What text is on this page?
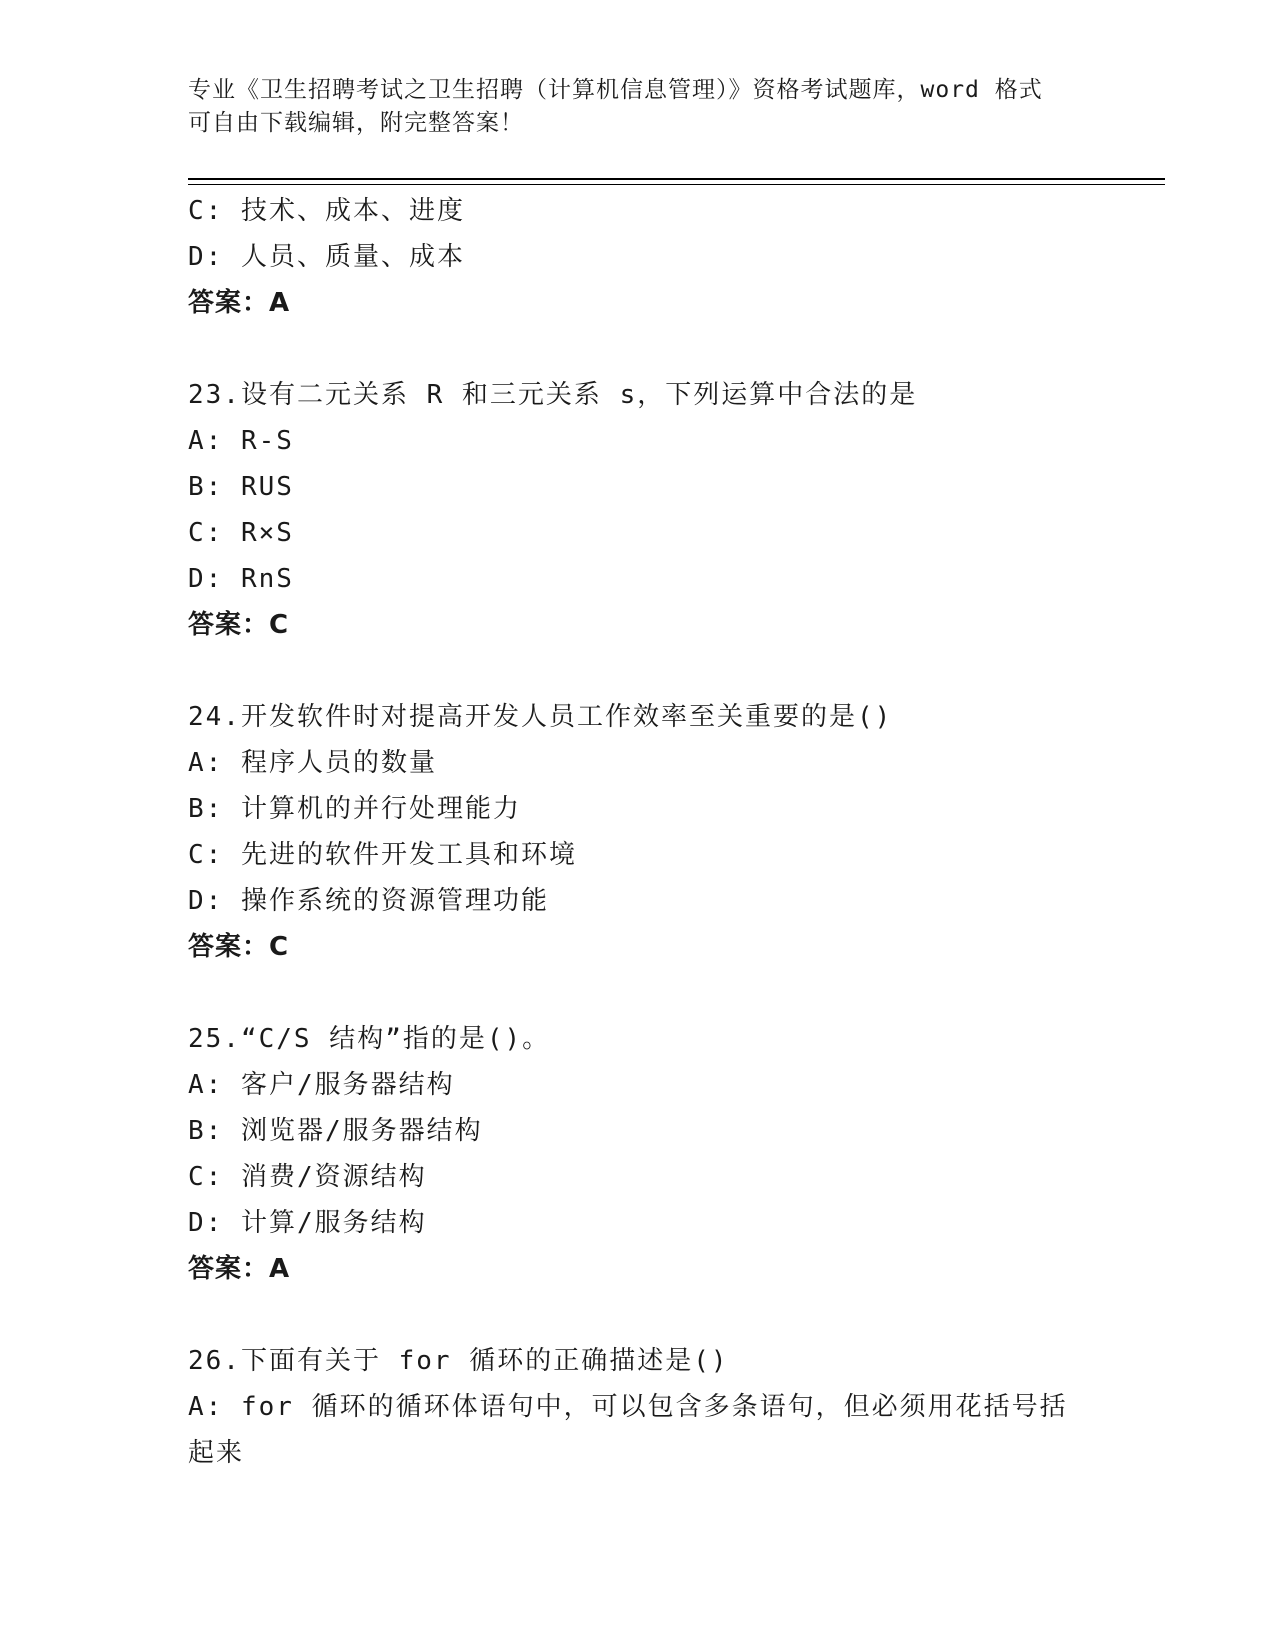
专业《卫生招聘考试之卫生招聘（计算机信息管理）》资格考试题库，word 格式
可自由下载编辑，附完整答案！
C: 技术、成本、进度
D: 人员、质量、成本
答案：A
23.设有二元关系 R 和三元关系 s，下列运算中合法的是
A: R-S
B: RUS
C: R×S
D: RnS
答案：C
24.开发软件时对提高开发人员工作效率至关重要的是()
A: 程序人员的数量
B: 计算机的并行处理能力
C: 先进的软件开发工具和环境
D: 操作系统的资源管理功能
答案：C
25.“C/S 结构”指的是()。
A: 客户/服务器结构
B: 浏览器/服务器结构
C: 消费/资源结构
D: 计算/服务结构
答案：A
26.下面有关于 for 循环的正确描述是()
A: for 循环的循环体语句中，可以包含多条语句，但必须用花括号括
起来
